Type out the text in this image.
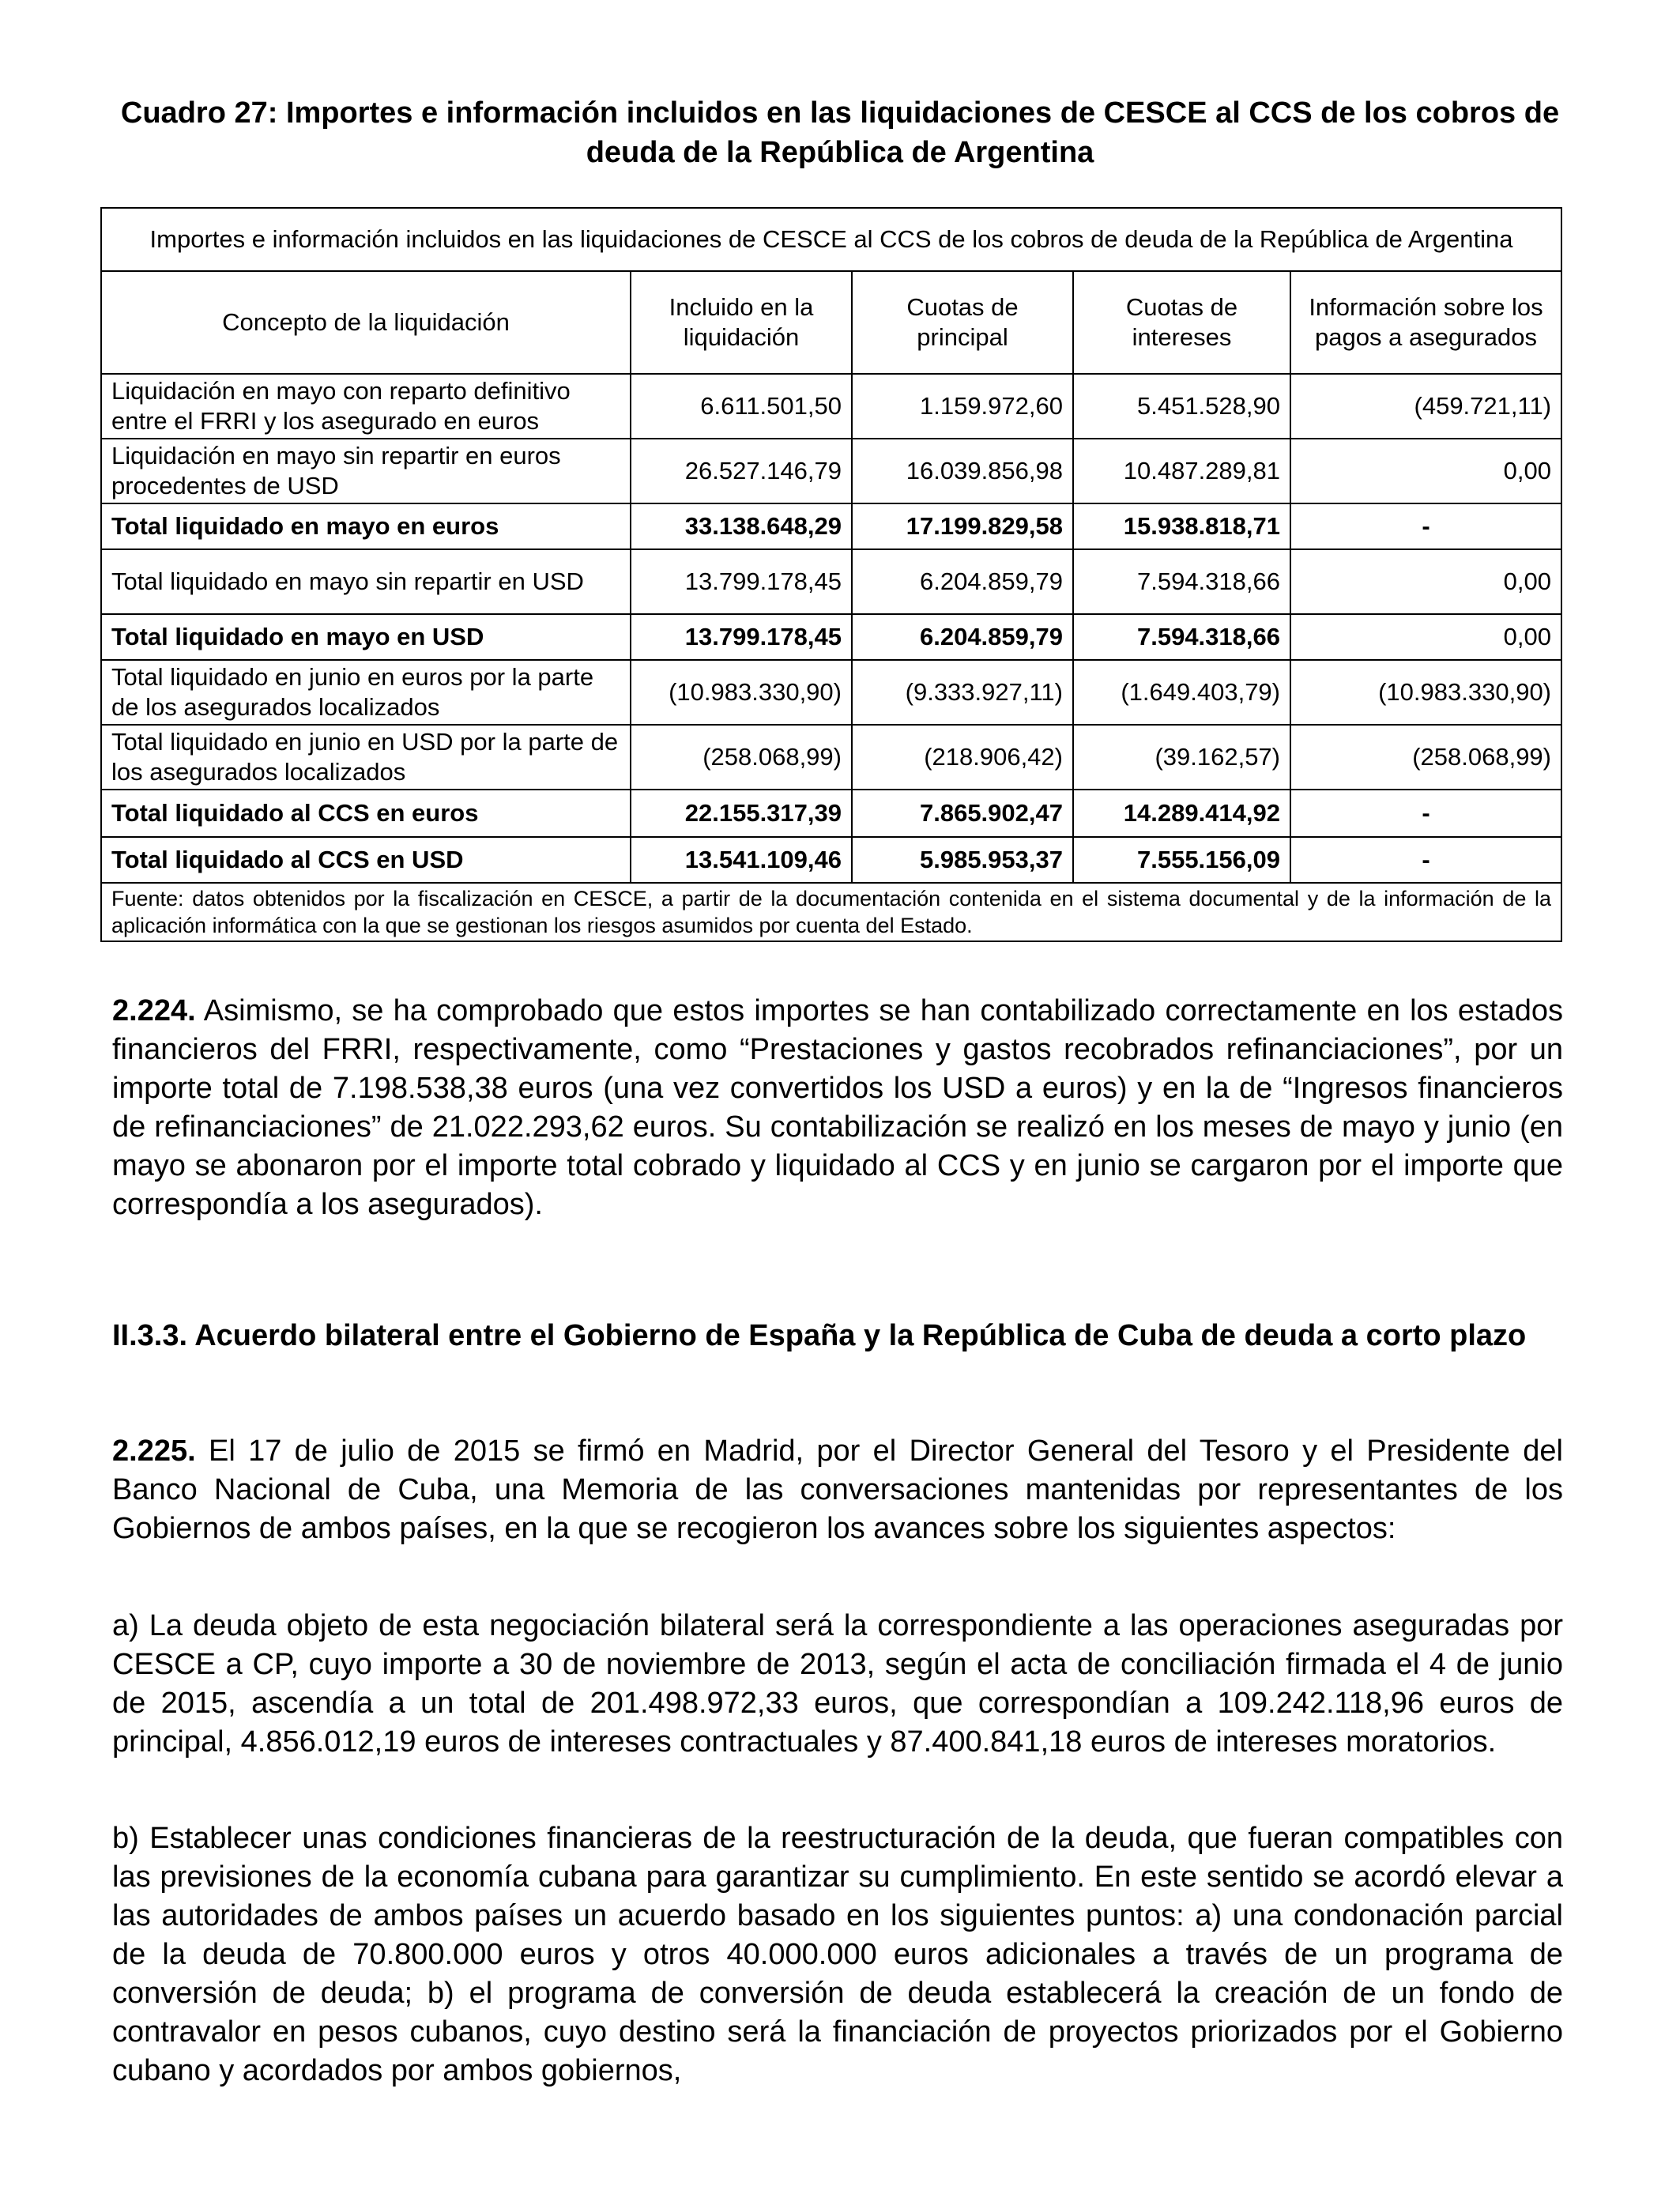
Cuadro 27: Importes e información incluidos en las liquidaciones de CESCE al CCS de los cobros de deuda de la República de Argentina
Importes e información incluidos en las liquidaciones de CESCE al CCS de los cobros de deuda de la República de Argentina				
Concepto de la liquidación	Incluido en la liquidación	Cuotas de principal	Cuotas de intereses	Información sobre los pagos a asegurados
Liquidación en mayo con reparto definitivo entre el FRRI y los asegurado en euros	6.611.501,50	1.159.972,60	5.451.528,90	(459.721,11)
Liquidación en mayo sin repartir en euros procedentes de USD	26.527.146,79	16.039.856,98	10.487.289,81	0,00
Total liquidado en mayo en euros	33.138.648,29	17.199.829,58	15.938.818,71	-
Total liquidado en mayo sin repartir en USD	13.799.178,45	6.204.859,79	7.594.318,66	0,00
Total liquidado en mayo en USD	13.799.178,45	6.204.859,79	7.594.318,66	0,00
Total liquidado en junio en euros por la parte de los asegurados localizados	(10.983.330,90)	(9.333.927,11)	(1.649.403,79)	(10.983.330,90)
Total liquidado en junio en USD por la parte de los asegurados localizados	(258.068,99)	(218.906,42)	(39.162,57)	(258.068,99)
Total liquidado al CCS en euros	22.155.317,39	7.865.902,47	14.289.414,92	-
Total liquidado al CCS en USD	13.541.109,46	5.985.953,37	7.555.156,09	-
Fuente: datos obtenidos por la fiscalización en CESCE, a partir de la documentación contenida en el sistema documental y de la información de la aplicación informática con la que se gestionan los riesgos asumidos por cuenta del Estado.				
2.224. Asimismo, se ha comprobado que estos importes se han contabilizado correctamente en los estados financieros del FRRI, respectivamente, como “Prestaciones y gastos recobrados refinanciaciones”, por un importe total de 7.198.538,38 euros (una vez convertidos los USD a euros) y en la de “Ingresos financieros de refinanciaciones” de 21.022.293,62 euros. Su contabilización se realizó en los meses de mayo y junio (en mayo se abonaron por el importe total cobrado y liquidado al CCS y en junio se cargaron por el importe que correspondía a los asegurados).
II.3.3. Acuerdo bilateral entre el Gobierno de España y la República de Cuba de deuda a corto plazo
2.225. El 17 de julio de 2015 se firmó en Madrid, por el Director General del Tesoro y el Presidente del Banco Nacional de Cuba, una Memoria de las conversaciones mantenidas por representantes de los Gobiernos de ambos países, en la que se recogieron los avances sobre los siguientes aspectos:
a) La deuda objeto de esta negociación bilateral será la correspondiente a las operaciones aseguradas por CESCE a CP, cuyo importe a 30 de noviembre de 2013, según el acta de conciliación firmada el 4 de junio de 2015, ascendía a un total de 201.498.972,33 euros, que correspondían a 109.242.118,96 euros de principal, 4.856.012,19 euros de intereses contractuales y 87.400.841,18 euros de intereses moratorios.
b) Establecer unas condiciones financieras de la reestructuración de la deuda, que fueran compatibles con las previsiones de la economía cubana para garantizar su cumplimiento. En este sentido se acordó elevar a las autoridades de ambos países un acuerdo basado en los siguientes puntos: a) una condonación parcial de la deuda de 70.800.000 euros y otros 40.000.000 euros adicionales a través de un programa de conversión de deuda; b) el programa de conversión de deuda establecerá la creación de un fondo de contravalor en pesos cubanos, cuyo destino será la financiación de proyectos priorizados por el Gobierno cubano y acordados por ambos gobiernos,
